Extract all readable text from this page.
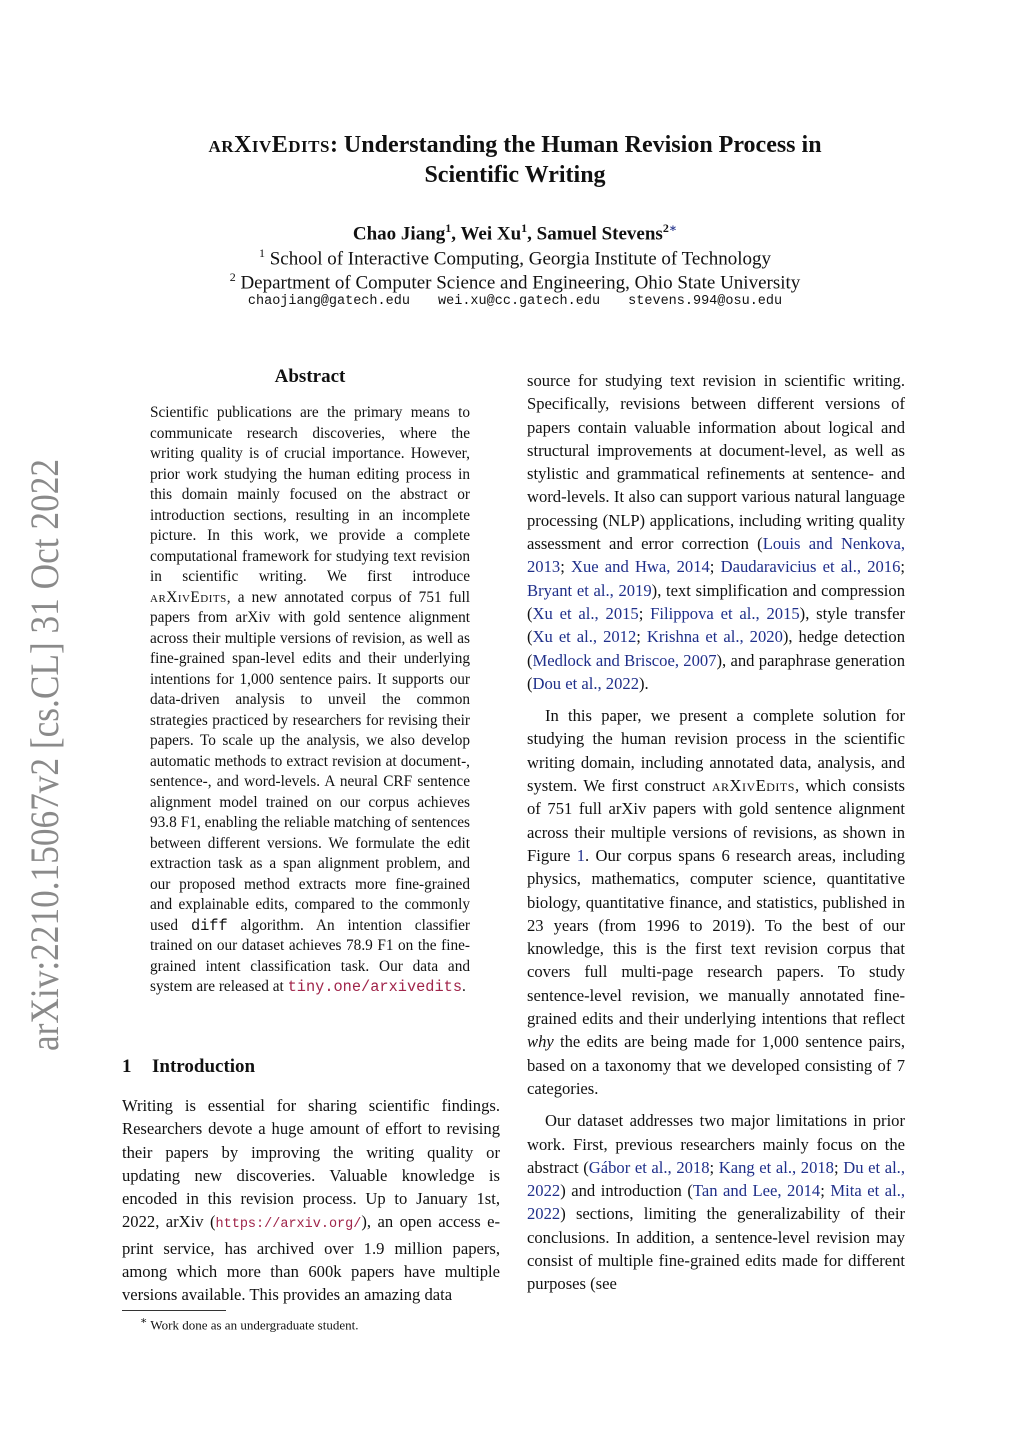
arXiv:2210.15067v2 [cs.CL] 31 Oct 2022
arXivEdits: Understanding the Human Revision Process in
Scientific Writing
Chao Jiang$^1$, Wei Xu$^1$, Samuel Stevens$^{2∗}$
$^1$ School of Interactive Computing, Georgia Institute of Technology
$^2$ Department of Computer Science and Engineering, Ohio State University
chaojiang@gatech.edu wei.xu@cc.gatech.edu stevens.994@osu.edu
Abstract
Scientific publications are the primary means to communicate research discoveries, where the writing quality is of crucial importance. However, prior work studying the human editing process in this domain mainly focused on the abstract or introduction sections, resulting in an incomplete picture. In this work, we provide a complete computational framework for studying text revision in scientific writing. We first introduce arXivEdits, a new annotated corpus of 751 full papers from arXiv with gold sentence alignment across their multiple versions of revision, as well as fine-grained span-level edits and their underlying intentions for 1,000 sentence pairs. It supports our data-driven analysis to unveil the common strategies practiced by researchers for revising their papers. To scale up the analysis, we also develop automatic methods to extract revision at document-, sentence-, and word-levels. A neural CRF sentence alignment model trained on our corpus achieves 93.8 F1, enabling the reliable matching of sentences between different versions. We formulate the edit extraction task as a span alignment problem, and our proposed method extracts more fine-grained and explainable edits, compared to the commonly used diff algorithm. An intention classifier trained on our dataset achieves 78.9 F1 on the fine-grained intent classification task. Our data and system are released at tiny.one/arxivedits.
1 Introduction
Writing is essential for sharing scientific findings. Researchers devote a huge amount of effort to revising their papers by improving the writing quality or updating new discoveries. Valuable knowledge is encoded in this revision process. Up to January 1st, 2022, arXiv (https://arxiv.org/), an open access e-print service, has archived over 1.9 million papers, among which more than 600k papers have multiple versions available. This provides an amazing data
∗ Work done as an undergraduate student.

source for studying text revision in scientific writing. Specifically, revisions between different versions of papers contain valuable information about logical and structural improvements at document-level, as well as stylistic and grammatical refinements at sentence- and word-levels. It also can support various natural language processing (NLP) applications, including writing quality assessment and error correction (Louis and Nenkova, 2013; Xue and Hwa, 2014; Daudaravicius et al., 2016; Bryant et al., 2019), text simplification and compression (Xu et al., 2015; Filippova et al., 2015), style transfer (Xu et al., 2012; Krishna et al., 2020), hedge detection (Medlock and Briscoe, 2007), and paraphrase generation (Dou et al., 2022).

In this paper, we present a complete solution for studying the human revision process in the scientific writing domain, including annotated data, analysis, and system. We first construct arXivEdits, which consists of 751 full arXiv papers with gold sentence alignment across their multiple versions of revisions, as shown in Figure 1. Our corpus spans 6 research areas, including physics, mathematics, computer science, quantitative biology, quantitative finance, and statistics, published in 23 years (from 1996 to 2019). To the best of our knowledge, this is the first text revision corpus that covers full multi-page research papers. To study sentence-level revision, we manually annotated fine-grained edits and their underlying intentions that reflect why the edits are being made for 1,000 sentence pairs, based on a taxonomy that we developed consisting of 7 categories.

Our dataset addresses two major limitations in prior work. First, previous researchers mainly focus on the abstract (Gábor et al., 2018; Kang et al., 2018; Du et al., 2022) and introduction (Tan and Lee, 2014; Mita et al., 2022) sections, limiting the generalizability of their conclusions. In addition, a sentence-level revision may consist of multiple fine-grained edits made for different purposes (see
